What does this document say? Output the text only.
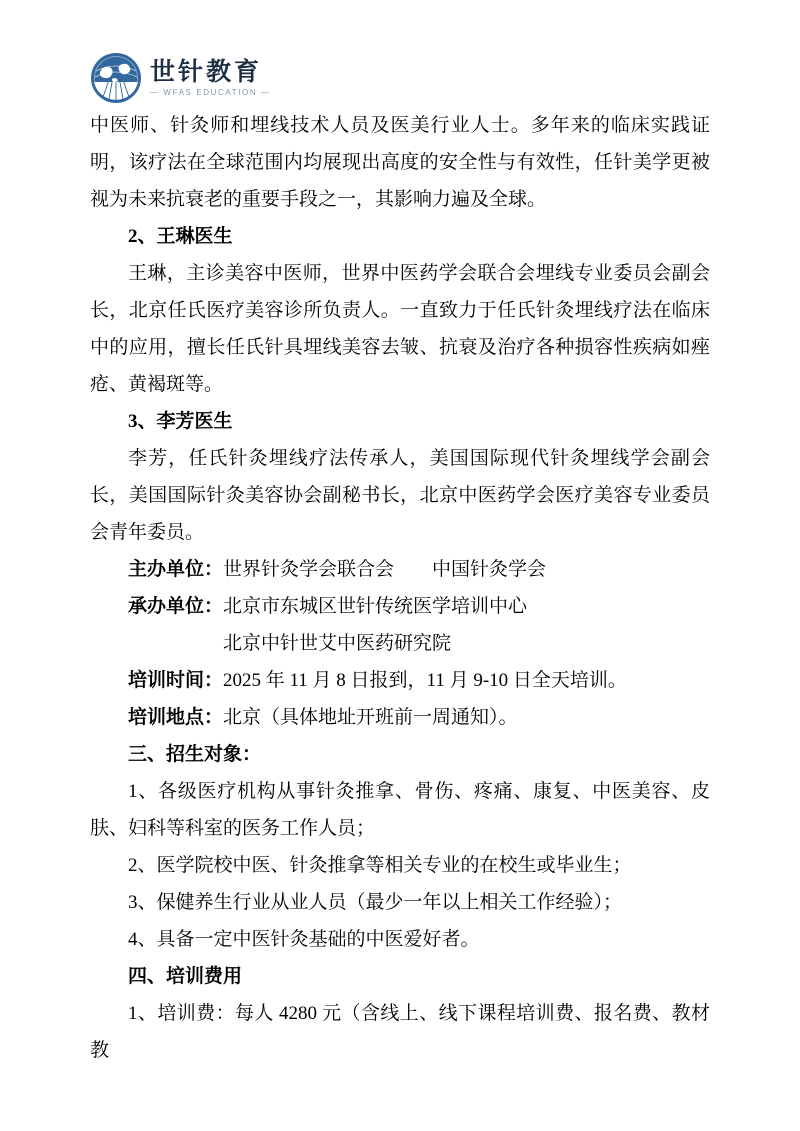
世针教育
— WFAS EDUCATION —

中医师、针灸师和埋线技术人员及医美行业人士。多年来的临床实践证明，该疗法在全球范围内均展现出高度的安全性与有效性，任针美学更被视为未来抗衰老的重要手段之一，其影响力遍及全球。

2、王琳医生

王琳，主诊美容中医师，世界中医药学会联合会埋线专业委员会副会长，北京任氏医疗美容诊所负责人。一直致力于任氏针灸埋线疗法在临床中的应用，擅长任氏针具埋线美容去皱、抗衰及治疗各种损容性疾病如痤疮、黄褐斑等。

3、李芳医生

李芳，任氏针灸埋线疗法传承人，美国国际现代针灸埋线学会副会长，美国国际针灸美容协会副秘书长，北京中医药学会医疗美容专业委员会青年委员。

主办单位：世界针灸学会联合会　　中国针灸学会

承办单位：北京市东城区世针传统医学培训中心

北京中针世艾中医药研究院

培训时间：2025 年 11 月 8 日报到，11 月 9-10 日全天培训。

培训地点：北京（具体地址开班前一周通知）。

三、招生对象：

1、各级医疗机构从事针灸推拿、骨伤、疼痛、康复、中医美容、皮肤、妇科等科室的医务工作人员；

2、医学院校中医、针灸推拿等相关专业的在校生或毕业生；

3、保健养生行业从业人员（最少一年以上相关工作经验）；

4、具备一定中医针灸基础的中医爱好者。

四、培训费用

1、培训费：每人 4280 元（含线上、线下课程培训费、报名费、教材教
